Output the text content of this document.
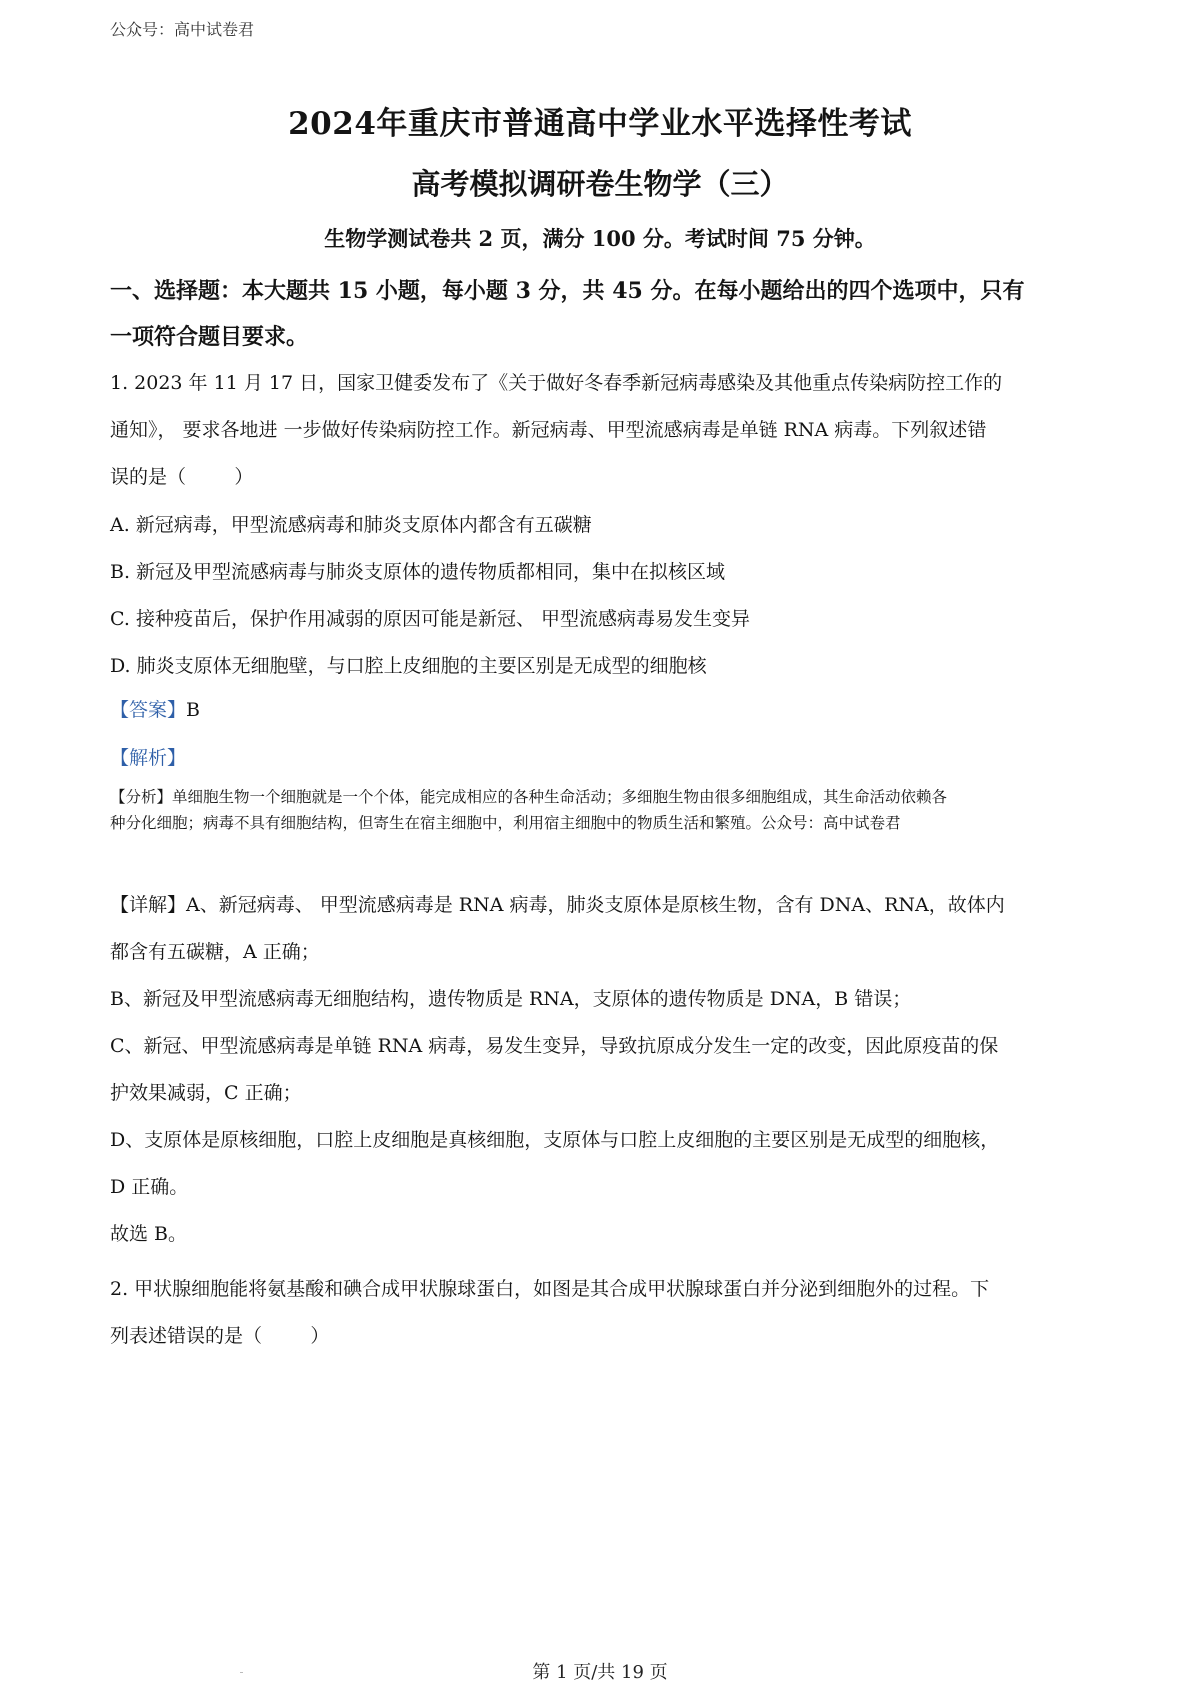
公众号：高中试卷君
2024年重庆市普通高中学业水平选择性考试
高考模拟调研卷生物学（三）
生物学测试卷共 2 页，满分 100 分。考试时间 75 分钟。

一、选择题：本大题共 15 小题，每小题 3 分，共 45 分。在每小题给出的四个选项中，只有

一项符合题目要求。

1. 2023 年 11 月 17 日，国家卫健委发布了《关于做好冬春季新冠病毒感染及其他重点传染病防控工作的

通知》， 要求各地进 一步做好传染病防控工作。新冠病毒、甲型流感病毒是单链 RNA 病毒。下列叙述错

误的是（        ）

A. 新冠病毒，甲型流感病毒和肺炎支原体内都含有五碳糖

B. 新冠及甲型流感病毒与肺炎支原体的遗传物质都相同，集中在拟核区域

C. 接种疫苗后，保护作用减弱的原因可能是新冠、 甲型流感病毒易发生变异

D. 肺炎支原体无细胞壁，与口腔上皮细胞的主要区别是无成型的细胞核

【答案】B
【解析】

【分析】单细胞生物一个细胞就是一个个体，能完成相应的各种生命活动；多细胞生物由很多细胞组成，其生命活动依赖各

种分化细胞；病毒不具有细胞结构，但寄生在宿主细胞中，利用宿主细胞中的物质生活和繁殖。公众号：高中试卷君

【详解】A、新冠病毒、 甲型流感病毒是 RNA 病毒，肺炎支原体是原核生物，含有 DNA、RNA，故体内

都含有五碳糖，A 正确；

B、新冠及甲型流感病毒无细胞结构，遗传物质是 RNA，支原体的遗传物质是 DNA，B 错误；

C、新冠、甲型流感病毒是单链 RNA 病毒，易发生变异，导致抗原成分发生一定的改变，因此原疫苗的保

护效果减弱，C 正确；

D、支原体是原核细胞，口腔上皮细胞是真核细胞，支原体与口腔上皮细胞的主要区别是无成型的细胞核，

D 正确。

故选 B。

2. 甲状腺细胞能将氨基酸和碘合成甲状腺球蛋白，如图是其合成甲状腺球蛋白并分泌到细胞外的过程。下

列表述错误的是（        ）

第 1 页/共 19 页
